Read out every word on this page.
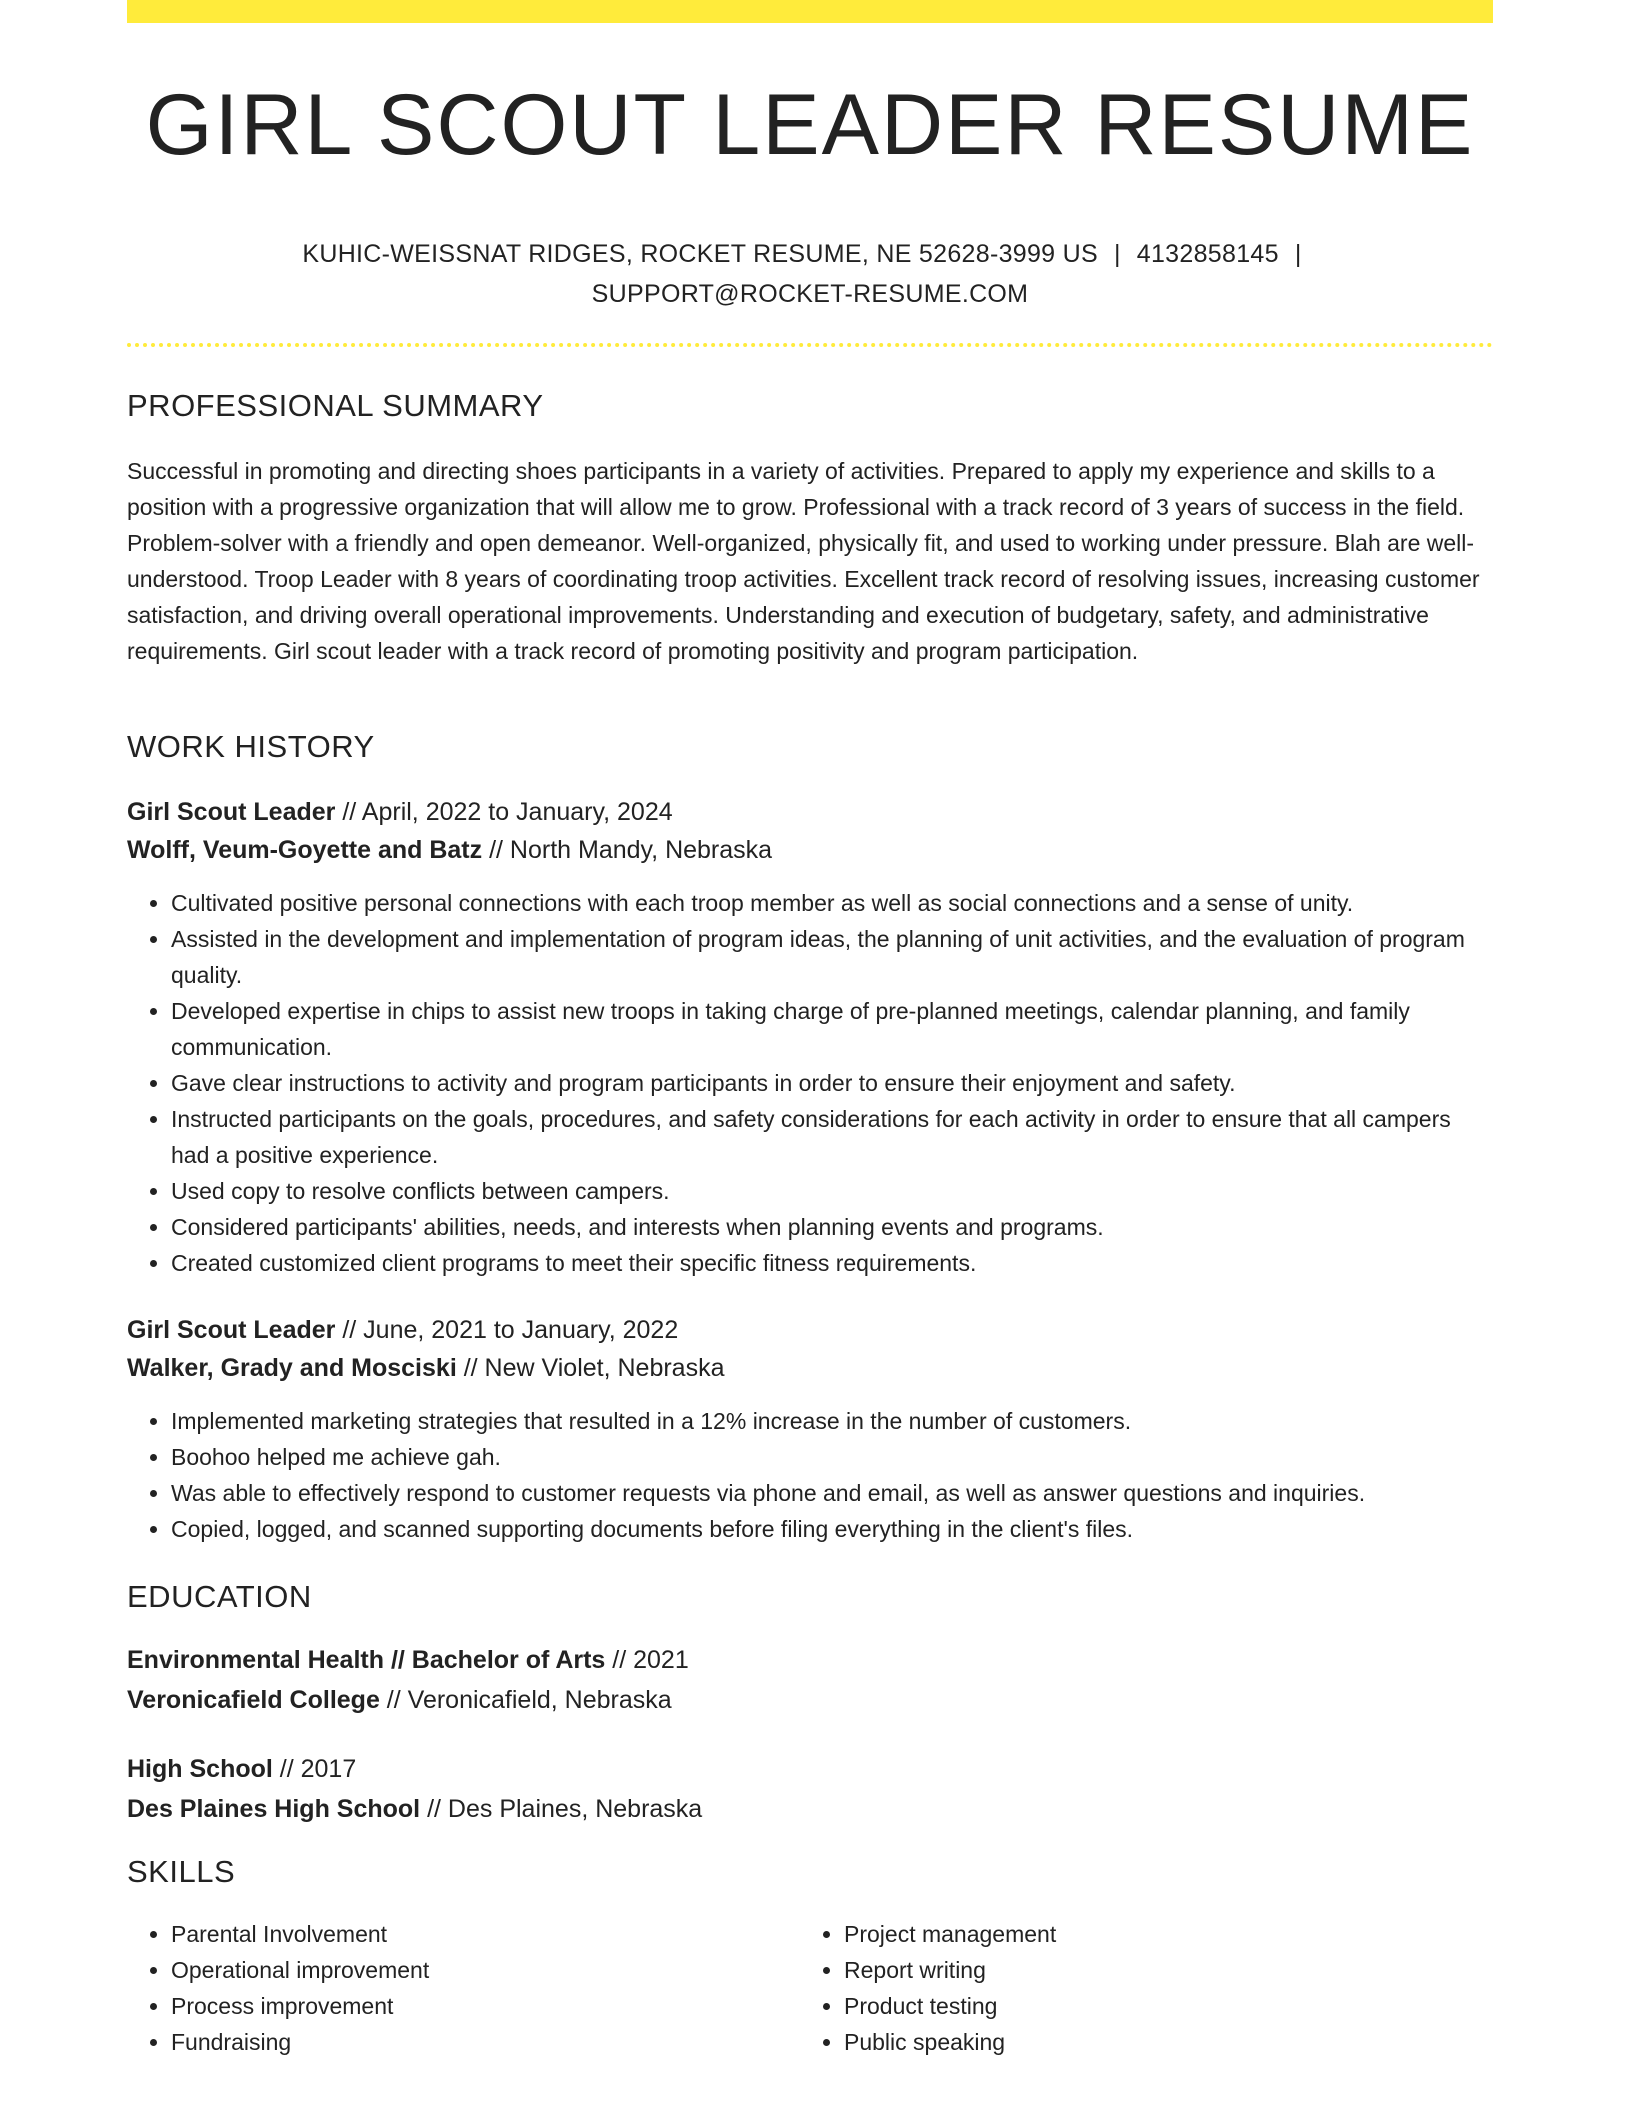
GIRL SCOUT LEADER RESUME
KUHIC-WEISSNAT RIDGES, ROCKET RESUME, NE 52628-3999 US | 4132858145 |
SUPPORT@ROCKET-RESUME.COM
PROFESSIONAL SUMMARY

Successful in promoting and directing shoes participants in a variety of activities. Prepared to apply my experience and skills to a position with a progressive organization that will allow me to grow. Professional with a track record of 3 years of success in the field. Problem-solver with a friendly and open demeanor. Well-organized, physically fit, and used to working under pressure. Blah are well-understood. Troop Leader with 8 years of coordinating troop activities. Excellent track record of resolving issues, increasing customer satisfaction, and driving overall operational improvements. Understanding and execution of budgetary, safety, and administrative requirements. Girl scout leader with a track record of promoting positivity and program participation.

WORK HISTORY
Girl Scout Leader // April, 2022 to January, 2024
Wolff, Veum-Goyette and Batz // North Mandy, Nebraska
• Cultivated positive personal connections with each troop member as well as social connections and a sense of unity.
• Assisted in the development and implementation of program ideas, the planning of unit activities, and the evaluation of program quality.
• Developed expertise in chips to assist new troops in taking charge of pre-planned meetings, calendar planning, and family communication.
• Gave clear instructions to activity and program participants in order to ensure their enjoyment and safety.
• Instructed participants on the goals, procedures, and safety considerations for each activity in order to ensure that all campers had a positive experience.
• Used copy to resolve conflicts between campers.
• Considered participants' abilities, needs, and interests when planning events and programs.
• Created customized client programs to meet their specific fitness requirements.
Girl Scout Leader // June, 2021 to January, 2022
Walker, Grady and Mosciski // New Violet, Nebraska
• Implemented marketing strategies that resulted in a 12% increase in the number of customers.
• Boohoo helped me achieve gah.
• Was able to effectively respond to customer requests via phone and email, as well as answer questions and inquiries.
• Copied, logged, and scanned supporting documents before filing everything in the client's files.
EDUCATION
Environmental Health // Bachelor of Arts // 2021
Veronicafield College // Veronicafield, Nebraska
High School // 2017
Des Plaines High School // Des Plaines, Nebraska
SKILLS
• Parental Involvement
• Operational improvement
• Process improvement
• Fundraising
• Project management
• Report writing
• Product testing
• Public speaking
